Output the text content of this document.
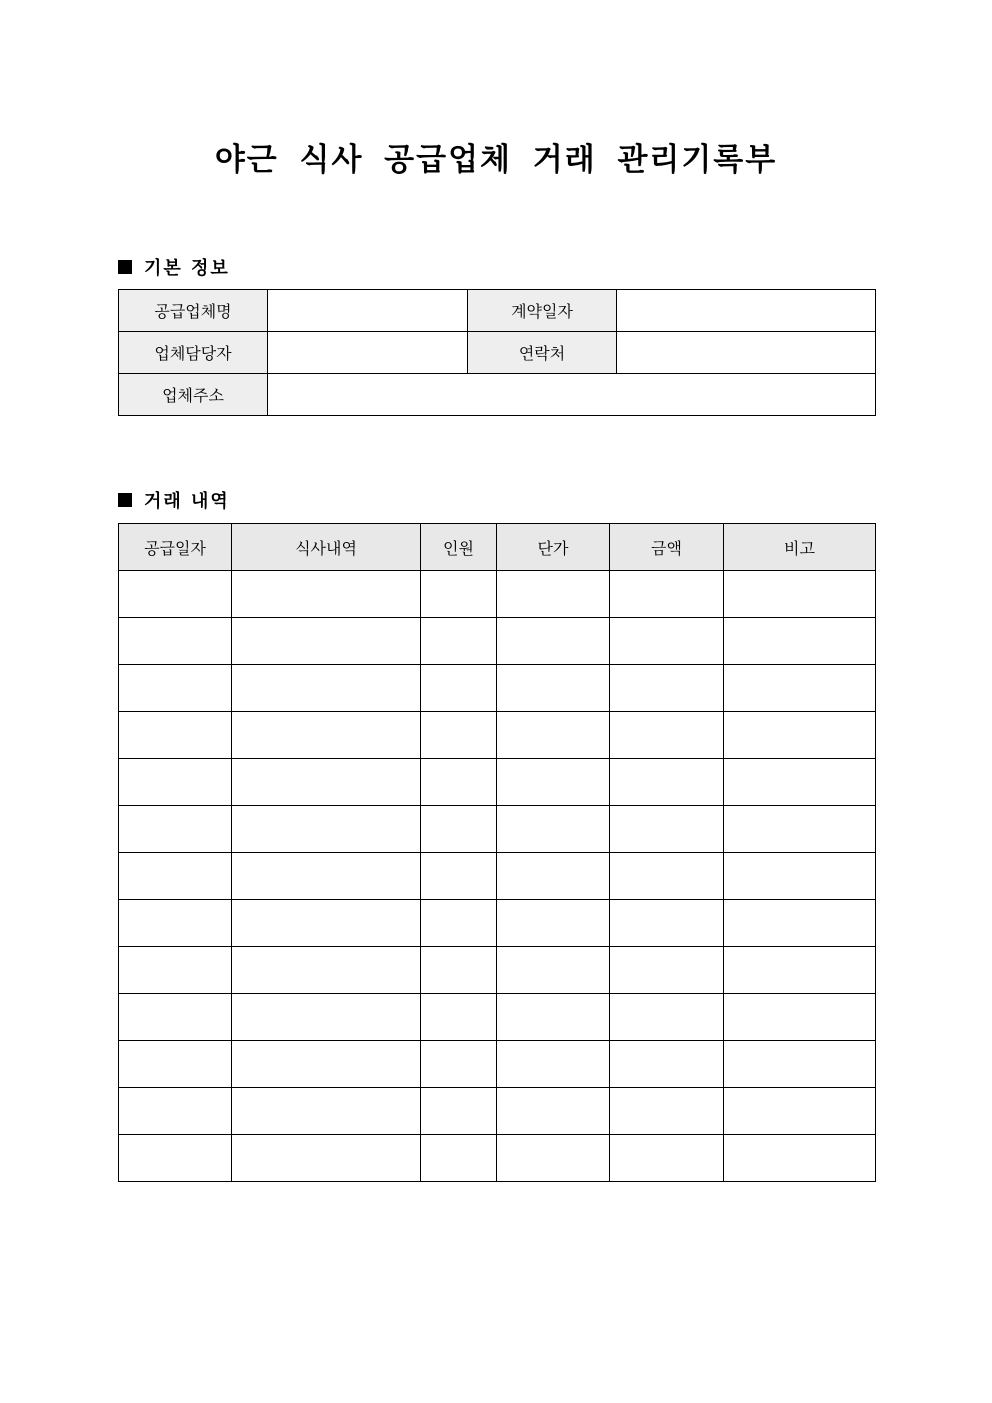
야근 식사 공급업체 거래 관리기록부
기본 정보
공급업체명		계약일자	
업체담당자		연락처	
업체주소			
거래 내역
공급일자	식사내역	인원	단가	금액	비고
